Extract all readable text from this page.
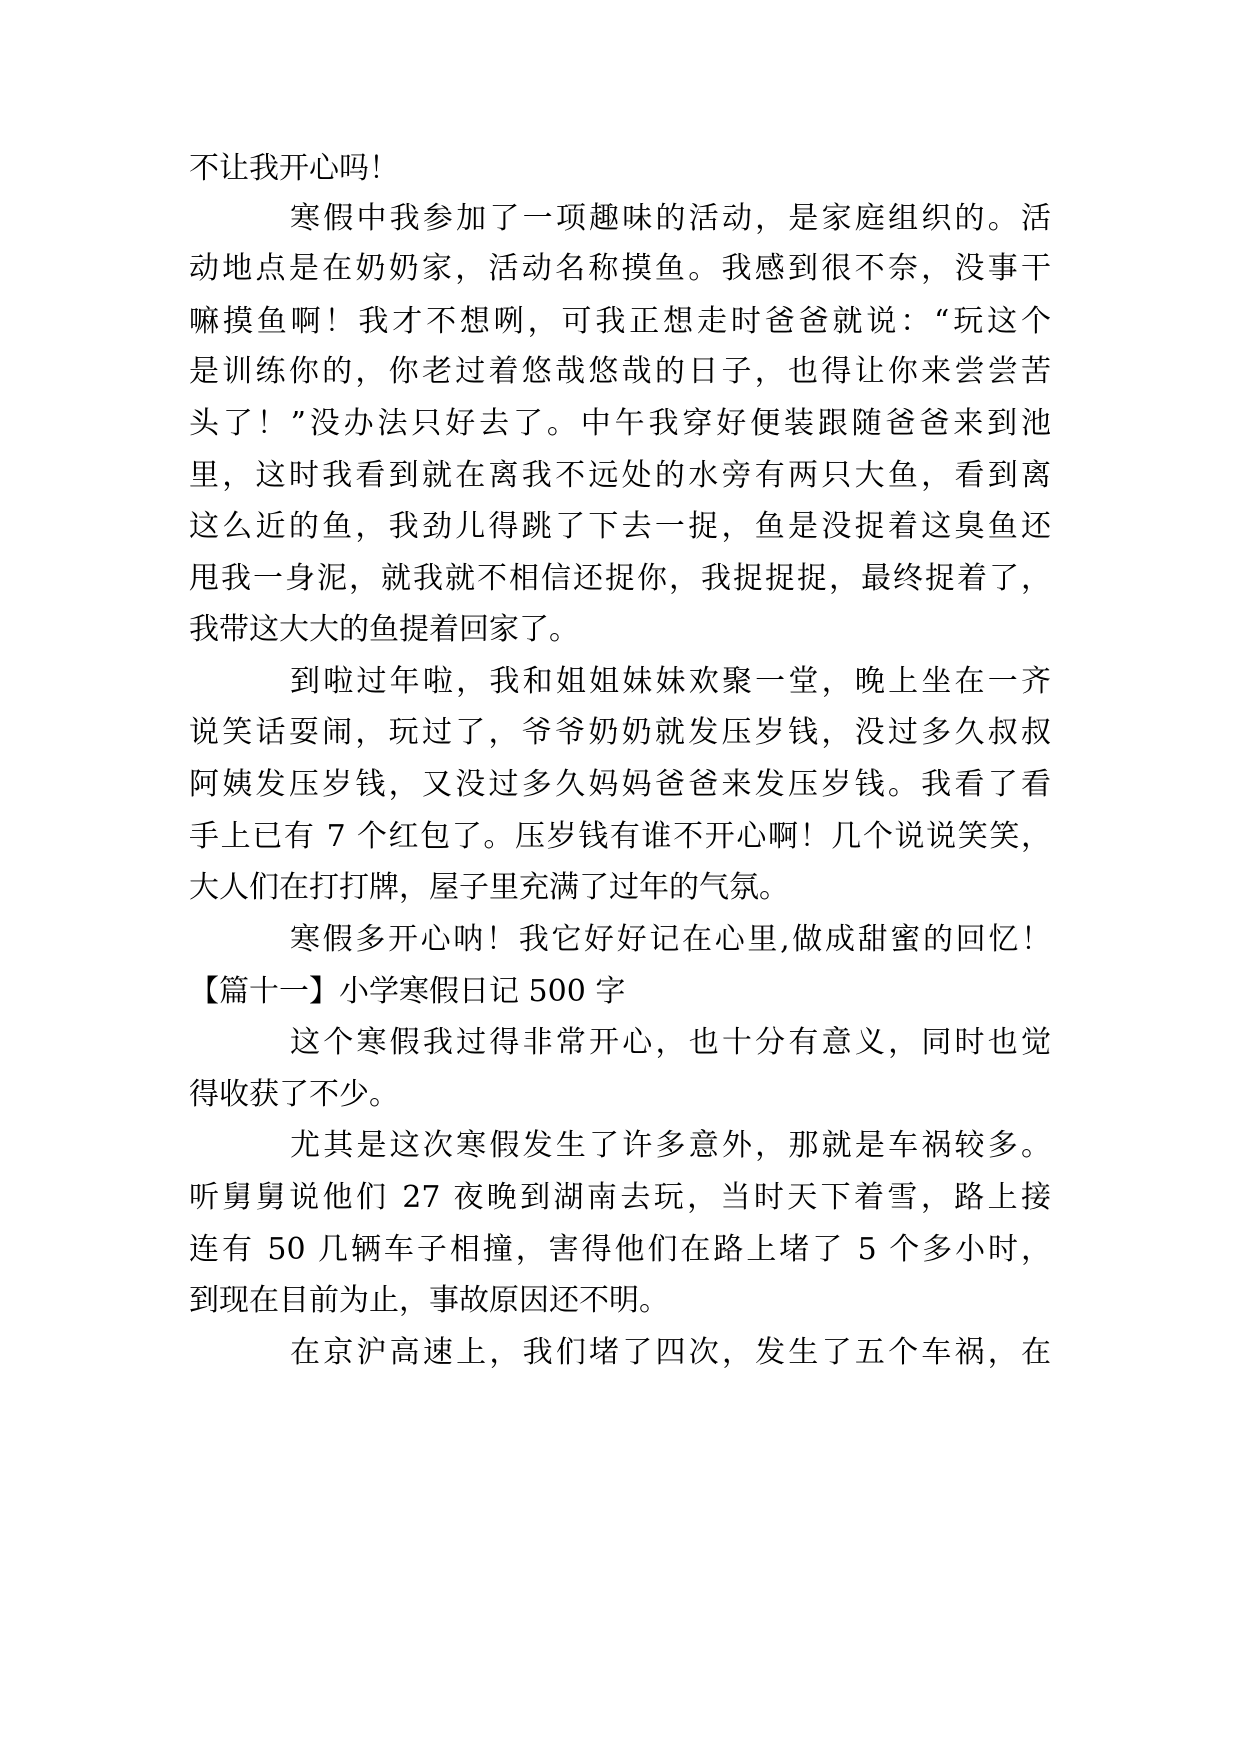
不让我开心吗！
寒假中我参加了一项趣味的活动，是家庭组织的。活
动地点是在奶奶家，活动名称摸鱼。我感到很不奈，没事干
嘛摸鱼啊！我才不想咧，可我正想走时爸爸就说：“玩这个
是训练你的，你老过着悠哉悠哉的日子，也得让你来尝尝苦
头了！”没办法只好去了。中午我穿好便装跟随爸爸来到池
里，这时我看到就在离我不远处的水旁有两只大鱼，看到离
这么近的鱼，我劲儿得跳了下去一捉，鱼是没捉着这臭鱼还
甩我一身泥，就我就不相信还捉你，我捉捉捉，最终捉着了，
我带这大大的鱼提着回家了。
到啦过年啦，我和姐姐妹妹欢聚一堂，晚上坐在一齐
说笑话耍闹，玩过了，爷爷奶奶就发压岁钱，没过多久叔叔
阿姨发压岁钱，又没过多久妈妈爸爸来发压岁钱。我看了看
手上已有 7 个红包了。压岁钱有谁不开心啊！几个说说笑笑，
大人们在打打牌，屋子里充满了过年的气氛。
寒假多开心呐！我它好好记在心里,做成甜蜜的回忆！
【篇十一】小学寒假日记 500 字
这个寒假我过得非常开心，也十分有意义，同时也觉
得收获了不少。
尤其是这次寒假发生了许多意外，那就是车祸较多。
听舅舅说他们 27 夜晚到湖南去玩，当时天下着雪，路上接
连有 50 几辆车子相撞，害得他们在路上堵了 5 个多小时，
到现在目前为止，事故原因还不明。
在京沪高速上，我们堵了四次，发生了五个车祸，在
